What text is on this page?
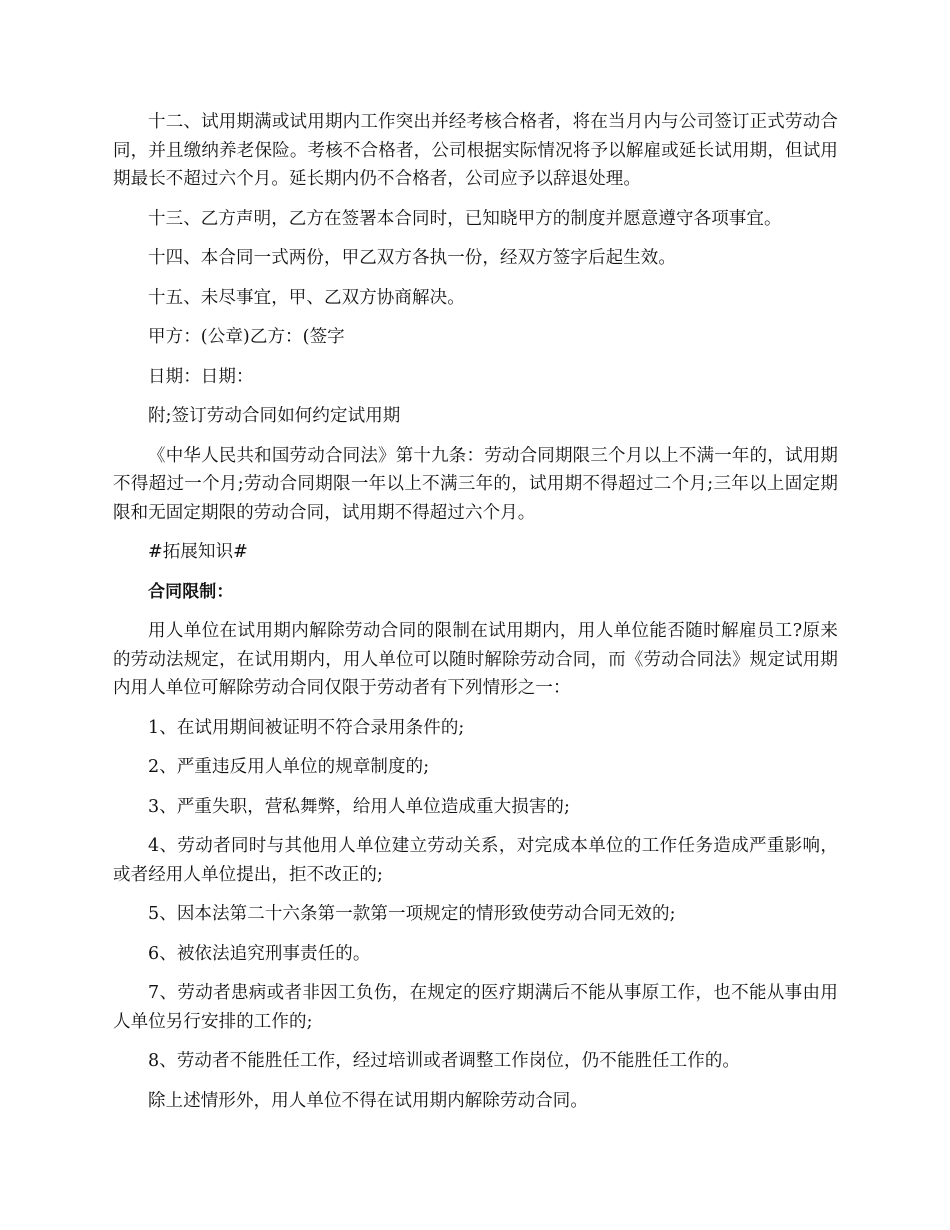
十二、试用期满或试用期内工作突出并经考核合格者，将在当月内与公司签订正式劳动合同，并且缴纳养老保险。考核不合格者，公司根据实际情况将予以解雇或延长试用期，但试用期最长不超过六个月。延长期内仍不合格者，公司应予以辞退处理。

十三、乙方声明，乙方在签署本合同时，已知晓甲方的制度并愿意遵守各项事宜。

十四、本合同一式两份，甲乙双方各执一份，经双方签字后起生效。

十五、未尽事宜，甲、乙双方协商解决。

甲方：(公章)乙方：(签字

日期：日期：

附;签订劳动合同如何约定试用期

《中华人民共和国劳动合同法》第十九条：劳动合同期限三个月以上不满一年的，试用期不得超过一个月;劳动合同期限一年以上不满三年的，试用期不得超过二个月;三年以上固定期限和无固定期限的劳动合同，试用期不得超过六个月。

#拓展知识#

合同限制：

用人单位在试用期内解除劳动合同的限制在试用期内，用人单位能否随时解雇员工?原来的劳动法规定，在试用期内，用人单位可以随时解除劳动合同，而《劳动合同法》规定试用期内用人单位可解除劳动合同仅限于劳动者有下列情形之一：

1、在试用期间被证明不符合录用条件的;

2、严重违反用人单位的规章制度的;

3、严重失职，营私舞弊，给用人单位造成重大损害的;

4、劳动者同时与其他用人单位建立劳动关系，对完成本单位的工作任务造成严重影响，或者经用人单位提出，拒不改正的;

5、因本法第二十六条第一款第一项规定的情形致使劳动合同无效的;

6、被依法追究刑事责任的。

7、劳动者患病或者非因工负伤，在规定的医疗期满后不能从事原工作，也不能从事由用人单位另行安排的工作的;

8、劳动者不能胜任工作，经过培训或者调整工作岗位，仍不能胜任工作的。

除上述情形外，用人单位不得在试用期内解除劳动合同。
